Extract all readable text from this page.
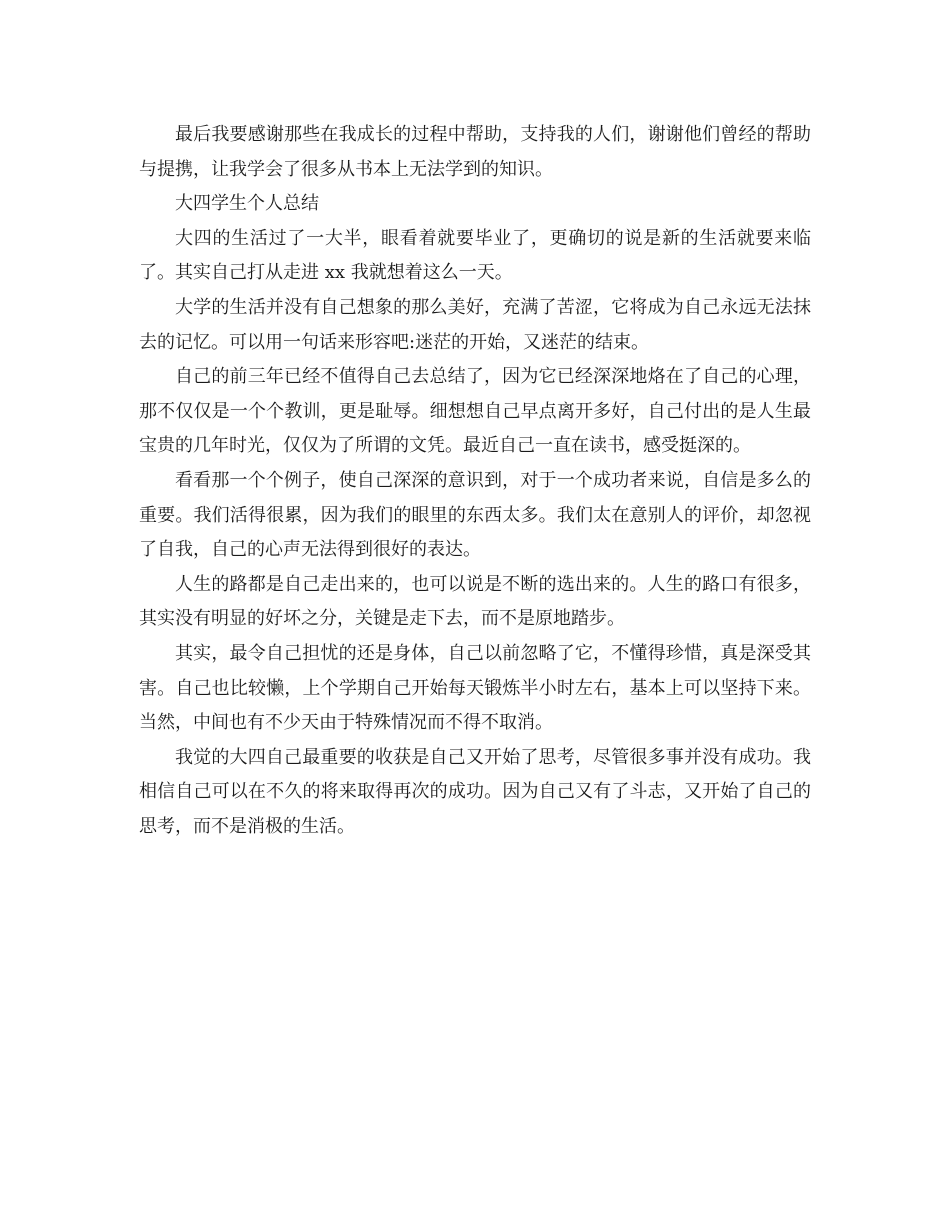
最后我要感谢那些在我成长的过程中帮助，支持我的人们，谢谢他们曾经的帮助与提携，让我学会了很多从书本上无法学到的知识。

大四学生个人总结

大四的生活过了一大半，眼看着就要毕业了，更确切的说是新的生活就要来临了。其实自己打从走进 xx 我就想着这么一天。

大学的生活并没有自己想象的那么美好，充满了苦涩，它将成为自己永远无法抹去的记忆。可以用一句话来形容吧:迷茫的开始，又迷茫的结束。

自己的前三年已经不值得自己去总结了，因为它已经深深地烙在了自己的心理，那不仅仅是一个个教训，更是耻辱。细想想自己早点离开多好，自己付出的是人生最宝贵的几年时光，仅仅为了所谓的文凭。最近自己一直在读书，感受挺深的。

看看那一个个例子，使自己深深的意识到，对于一个成功者来说，自信是多么的重要。我们活得很累，因为我们的眼里的东西太多。我们太在意别人的评价，却忽视了自我，自己的心声无法得到很好的表达。

人生的路都是自己走出来的，也可以说是不断的选出来的。人生的路口有很多，其实没有明显的好坏之分，关键是走下去，而不是原地踏步。

其实，最令自己担忧的还是身体，自己以前忽略了它，不懂得珍惜，真是深受其害。自己也比较懒，上个学期自己开始每天锻炼半小时左右，基本上可以坚持下来。当然，中间也有不少天由于特殊情况而不得不取消。

我觉的大四自己最重要的收获是自己又开始了思考，尽管很多事并没有成功。我相信自己可以在不久的将来取得再次的成功。因为自己又有了斗志，又开始了自己的思考，而不是消极的生活。
